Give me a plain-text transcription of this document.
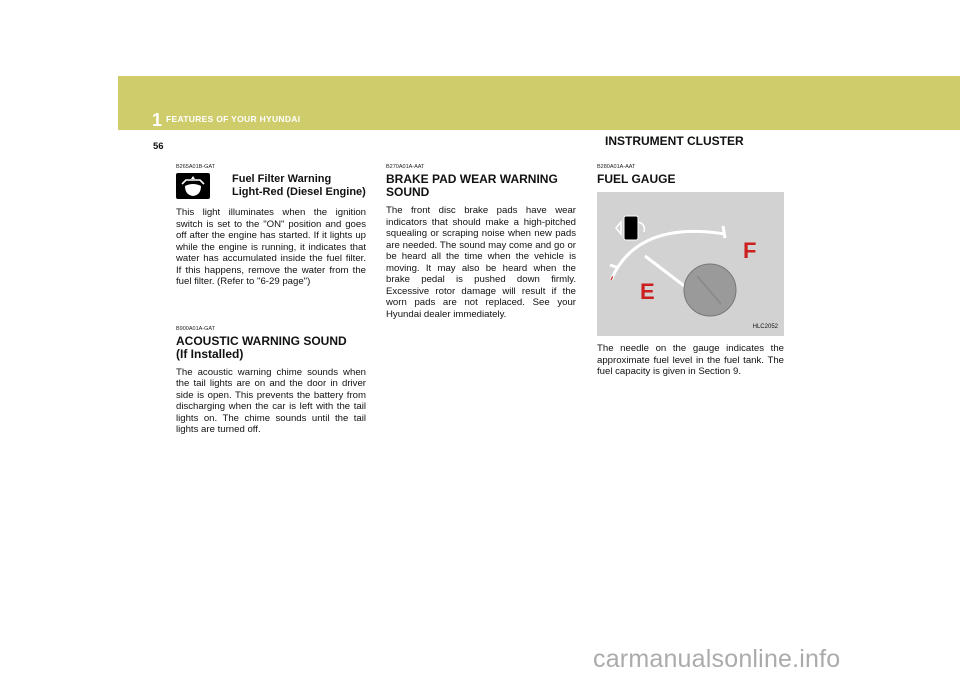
1 FEATURES OF YOUR HYUNDAI
56	INSTRUMENT CLUSTER
B265A01B-GAT
Fuel Filter Warning
Light-Red (Diesel Engine)

This light illuminates when the ignition switch is set to the "ON" position and goes off after the engine has started. If it lights up while the engine is running, it indicates that water has accumulated inside the fuel filter. If this happens, remove the water from the fuel filter. (Refer to "6-29 page")

B900A01A-GAT
ACOUSTIC WARNING SOUND
(If Installed)

The acoustic warning chime sounds when the tail lights are on and the door in driver side is open. This prevents the battery from discharging when the car is left with the tail lights on. The chime sounds until the tail lights are turned off.

B270A01A-AAT
BRAKE PAD WEAR WARNING
SOUND

The front disc brake pads have wear indicators that should make a high-pitched squealing or scraping noise when new pads are needed. The sound may come and go or be heard all the time when the vehicle is moving. It may also be heard when the brake pedal is pushed down firmly. Excessive rotor damage will result if the worn pads are not replaced. See your Hyundai dealer immediately.

B280A01A-AAT
FUEL GAUGE
F
E
HLC2052

The needle on the gauge indicates the approximate fuel level in the fuel tank. The fuel capacity is given in Section 9.

carmanualsonline.info
